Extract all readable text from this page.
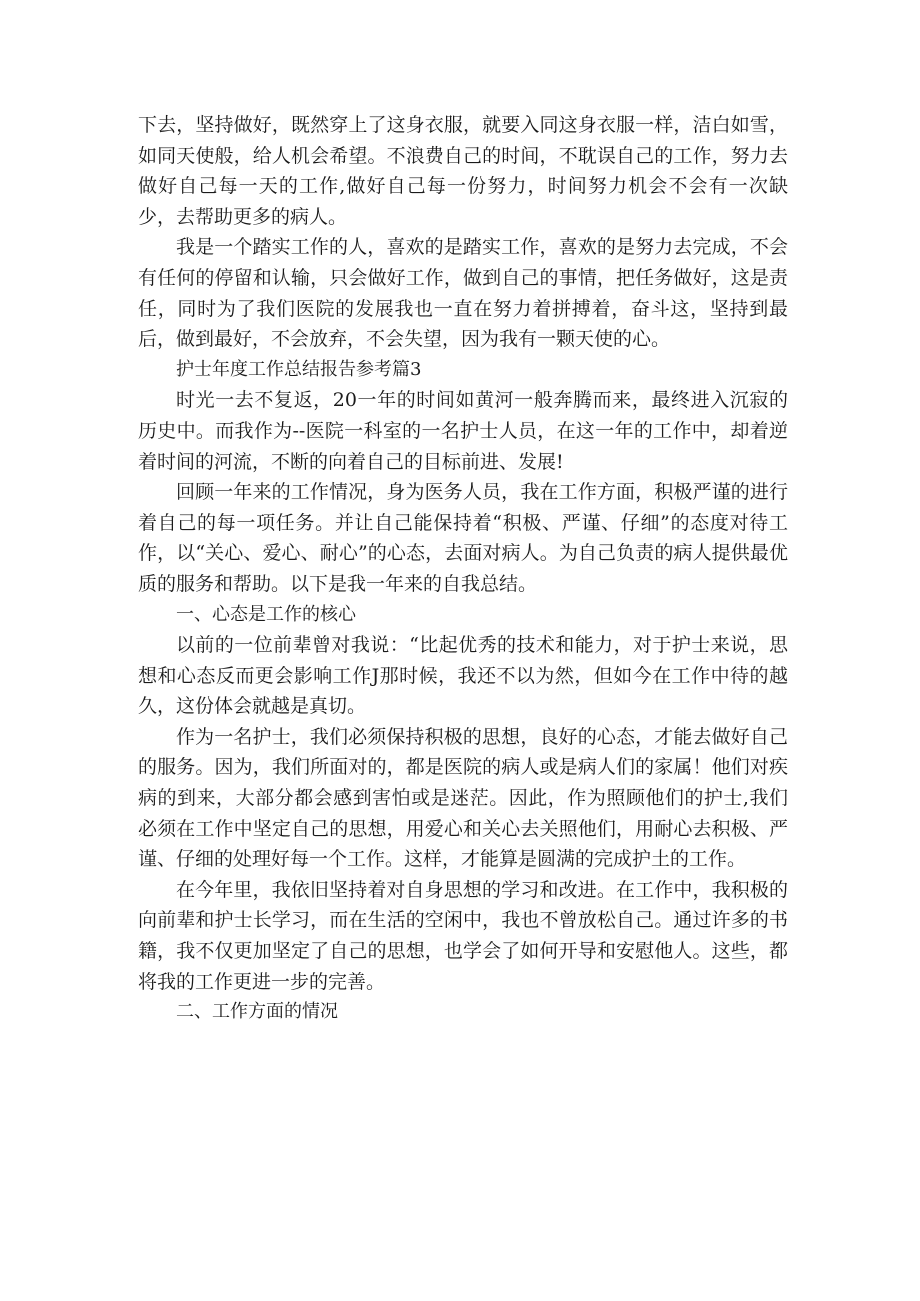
下去，坚持做好，既然穿上了这身衣服，就要入同这身衣服一样，洁白如雪，如同天使般，给人机会希望。不浪费自己的时间，不耽误自己的工作，努力去做好自己每一天的工作,做好自己每一份努力，时间努力机会不会有一次缺少，去帮助更多的病人。

我是一个踏实工作的人，喜欢的是踏实工作，喜欢的是努力去完成，不会有任何的停留和认输，只会做好工作，做到自己的事情，把任务做好，这是责任，同时为了我们医院的发展我也一直在努力着拼搏着，奋斗这，坚持到最后，做到最好，不会放弃，不会失望，因为我有一颗天使的心。

护士年度工作总结报告参考篇3

时光一去不复返，20一年的时间如黄河一般奔腾而来，最终进入沉寂的历史中。而我作为--医院一科室的一名护士人员，在这一年的工作中，却着逆着时间的河流，不断的向着自己的目标前进、发展!

回顾一年来的工作情况，身为医务人员，我在工作方面，积极严谨的进行着自己的每一项任务。并让自己能保持着“积极、严谨、仔细”的态度对待工作，以“关心、爱心、耐心”的心态，去面对病人。为自己负责的病人提供最优质的服务和帮助。以下是我一年来的自我总结。

一、心态是工作的核心

以前的一位前辈曾对我说：“比起优秀的技术和能力，对于护士来说，思想和心态反而更会影响工作J那时候，我还不以为然，但如今在工作中待的越久，这份体会就越是真切。

作为一名护士，我们必须保持积极的思想，良好的心态，才能去做好自己的服务。因为，我们所面对的，都是医院的病人或是病人们的家属！他们对疾病的到来，大部分都会感到害怕或是迷茫。因此，作为照顾他们的护士,我们必须在工作中坚定自己的思想，用爱心和关心去关照他们，用耐心去积极、严谨、仔细的处理好每一个工作。这样，才能算是圆满的完成护土的工作。

在今年里，我依旧坚持着对自身思想的学习和改进。在工作中，我积极的向前辈和护士长学习，而在生活的空闲中，我也不曾放松自己。通过许多的书籍，我不仅更加坚定了自己的思想，也学会了如何开导和安慰他人。这些，都将我的工作更进一步的完善。

二、工作方面的情况
